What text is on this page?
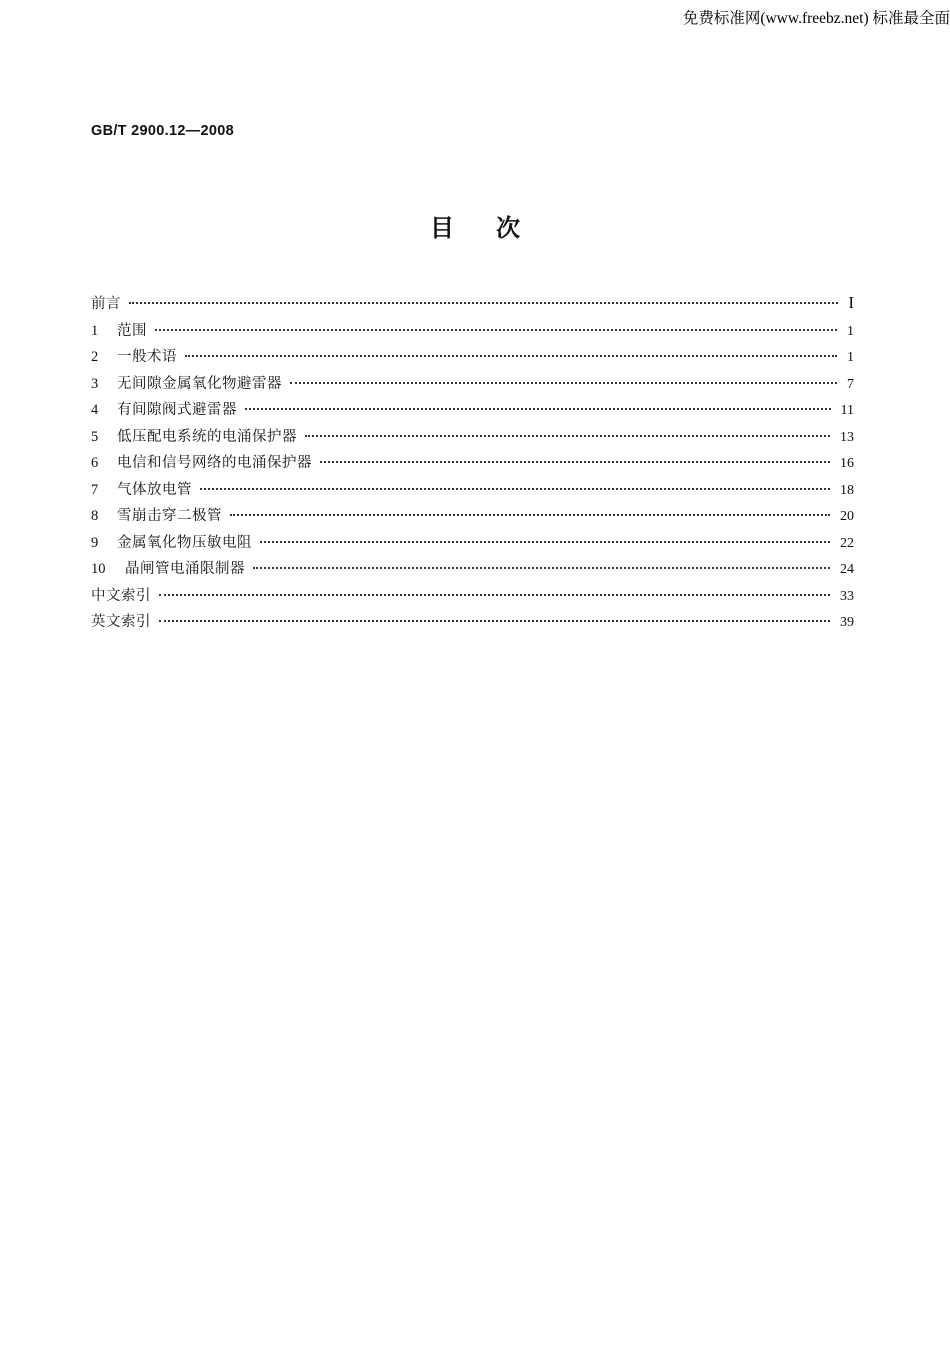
免费标准网(www.freebz.net) 标准最全面
GB/T 2900.12—2008
目次
前言	I
1	范围	1
2	一般术语	1
3	无间隙金属氧化物避雷器	7
4	有间隙阀式避雷器	11
5	低压配电系统的电涌保护器	13
6	电信和信号网络的电涌保护器	16
7	气体放电管	18
8	雪崩击穿二极管	20
9	金属氧化物压敏电阻	22
10	晶闸管电涌限制器	24
中文索引	33
英文索引	39
